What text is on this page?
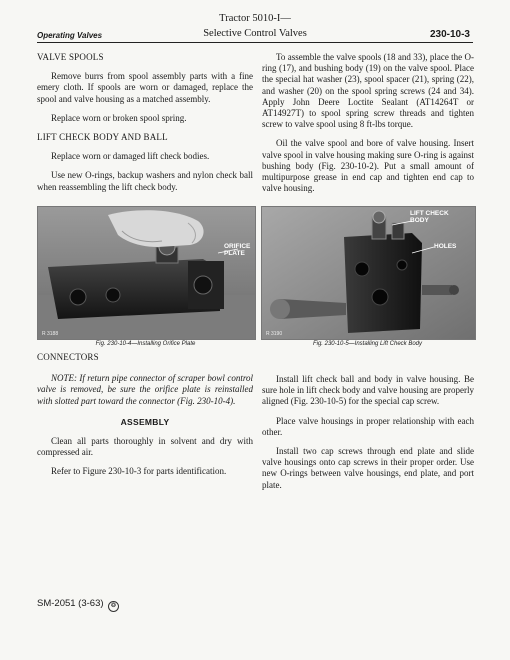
Tractor 5010-I—
Operating Valves	Selective Control Valves	230-10-3

VALVE SPOOLS

Remove burrs from spool assembly parts with a fine emery cloth. If spools are worn or damaged, replace the spool and valve housing as a matched assembly.

Replace worn or broken spool spring.

LIFT CHECK BODY AND BALL

Replace worn or damaged lift check bodies.

Use new O-rings, backup washers and nylon check ball when reassembling the lift check body.

To assemble the valve spools (18 and 33), place the O-ring (17), and bushing body (19) on the valve spool. Place the special hat washer (23), spool spacer (21), spring (22), and washer (20) on the spool spring screws (24 and 34). Apply John Deere Loctite Sealant (AT14264T or AT14927T) to spool spring screw threads and tighten screw to valve spool using 8 ft-lbs torque.

Oil the valve spool and bore of valve housing. Insert valve spool in valve housing making sure O-ring is against bushing body (Fig. 230-10-2). Put a small amount of multipurpose grease in end cap and tighten end cap to valve housing.

ORIFICE PLATE
R 3188
LIFT CHECK BODY
HOLES
R 3190
Fig. 230-10-4—Installing Orifice Plate	Fig. 230-10-5—Installing Lift Check Body

CONNECTORS

NOTE: If return pipe connector of scraper bowl control valve is removed, be sure the orifice plate is reinstalled with slotted part toward the connector (Fig. 230-10-4).

ASSEMBLY

Clean all parts thoroughly in solvent and dry with compressed air.

Refer to Figure 230-10-3 for parts identification.

Install lift check ball and body in valve housing. Be sure hole in lift check body and valve housing are properly aligned (Fig. 230-10-5) for the special cap screw.

Place valve housings in proper relationship with each other.

Install two cap screws through end plate and slide valve housings onto cap screws in their proper order. Use new O-rings between valve housings, end plate, and port plate.

SM-2051 (3-63) ❂
